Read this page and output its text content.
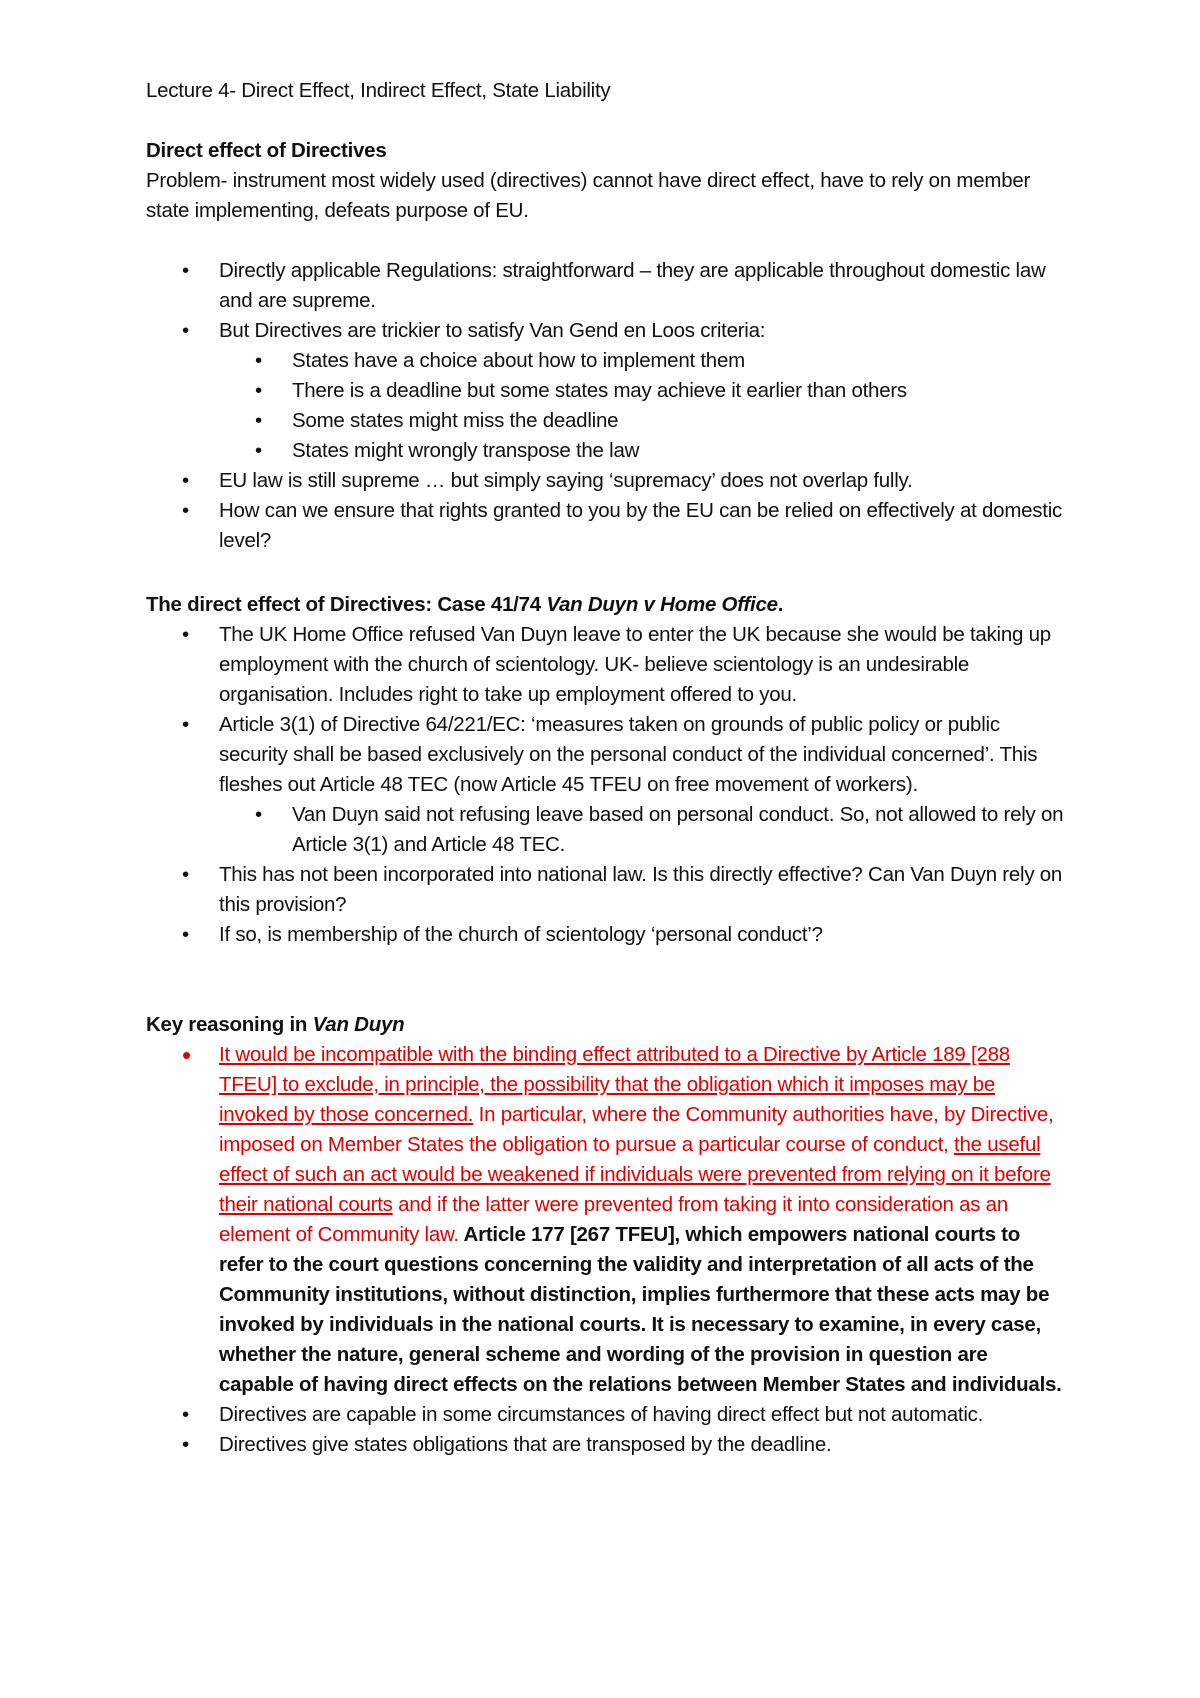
Lecture 4- Direct Effect, Indirect Effect, State Liability

Direct effect of Directives

Problem- instrument most widely used (directives) cannot have direct effect, have to rely on member state implementing, defeats purpose of EU.

• Directly applicable Regulations: straightforward – they are applicable throughout domestic law and are supreme.
• But Directives are trickier to satisfy Van Gend en Loos criteria:
• States have a choice about how to implement them
• There is a deadline but some states may achieve it earlier than others
• Some states might miss the deadline
• States might wrongly transpose the law
• EU law is still supreme … but simply saying ‘supremacy’ does not overlap fully.
• How can we ensure that rights granted to you by the EU can be relied on effectively at domestic level?

The direct effect of Directives: Case 41/74 Van Duyn v Home Office.

• The UK Home Office refused Van Duyn leave to enter the UK because she would be taking up employment with the church of scientology. UK- believe scientology is an undesirable organisation. Includes right to take up employment offered to you.
• Article 3(1) of Directive 64/221/EC: ‘measures taken on grounds of public policy or public security shall be based exclusively on the personal conduct of the individual concerned’. This fleshes out Article 48 TEC (now Article 45 TFEU on free movement of workers).
• Van Duyn said not refusing leave based on personal conduct. So, not allowed to rely on Article 3(1) and Article 48 TEC.
• This has not been incorporated into national law. Is this directly effective? Can Van Duyn rely on this provision?
• If so, is membership of the church of scientology ‘personal conduct’?

Key reasoning in Van Duyn

• It would be incompatible with the binding effect attributed to a Directive by Article 189 [288 TFEU] to exclude, in principle, the possibility that the obligation which it imposes may be invoked by those concerned. In particular, where the Community authorities have, by Directive, imposed on Member States the obligation to pursue a particular course of conduct, the useful effect of such an act would be weakened if individuals were prevented from relying on it before their national courts and if the latter were prevented from taking it into consideration as an element of Community law. Article 177 [267 TFEU], which empowers national courts to refer to the court questions concerning the validity and interpretation of all acts of the Community institutions, without distinction, implies furthermore that these acts may be invoked by individuals in the national courts. It is necessary to examine, in every case, whether the nature, general scheme and wording of the provision in question are capable of having direct effects on the relations between Member States and individuals.
• Directives are capable in some circumstances of having direct effect but not automatic.
• Directives give states obligations that are transposed by the deadline.
